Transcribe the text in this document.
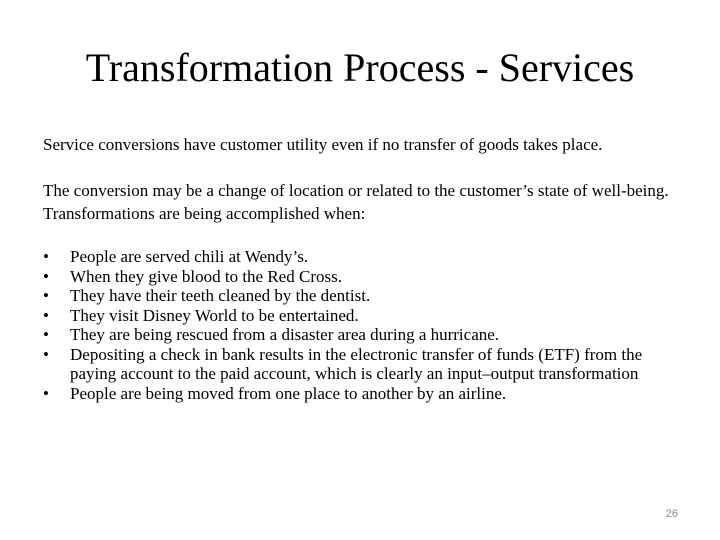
Transformation Process - Services
Service conversions have customer utility even if no transfer of goods takes place.
The conversion may be a change of location or related to the customer’s state of well-being. Transformations are being accomplished when:
•	People are served chili at Wendy’s.
•	When they give blood to the Red Cross.
•	They have their teeth cleaned by the dentist.
•	They visit Disney World to be entertained.
•	They are being rescued from a disaster area during a hurricane.
•	Depositing a check in bank results in the electronic transfer of funds (ETF) from the paying account to the paid account, which is clearly an input–output transformation
•	People are being moved from one place to another by an airline.
26
